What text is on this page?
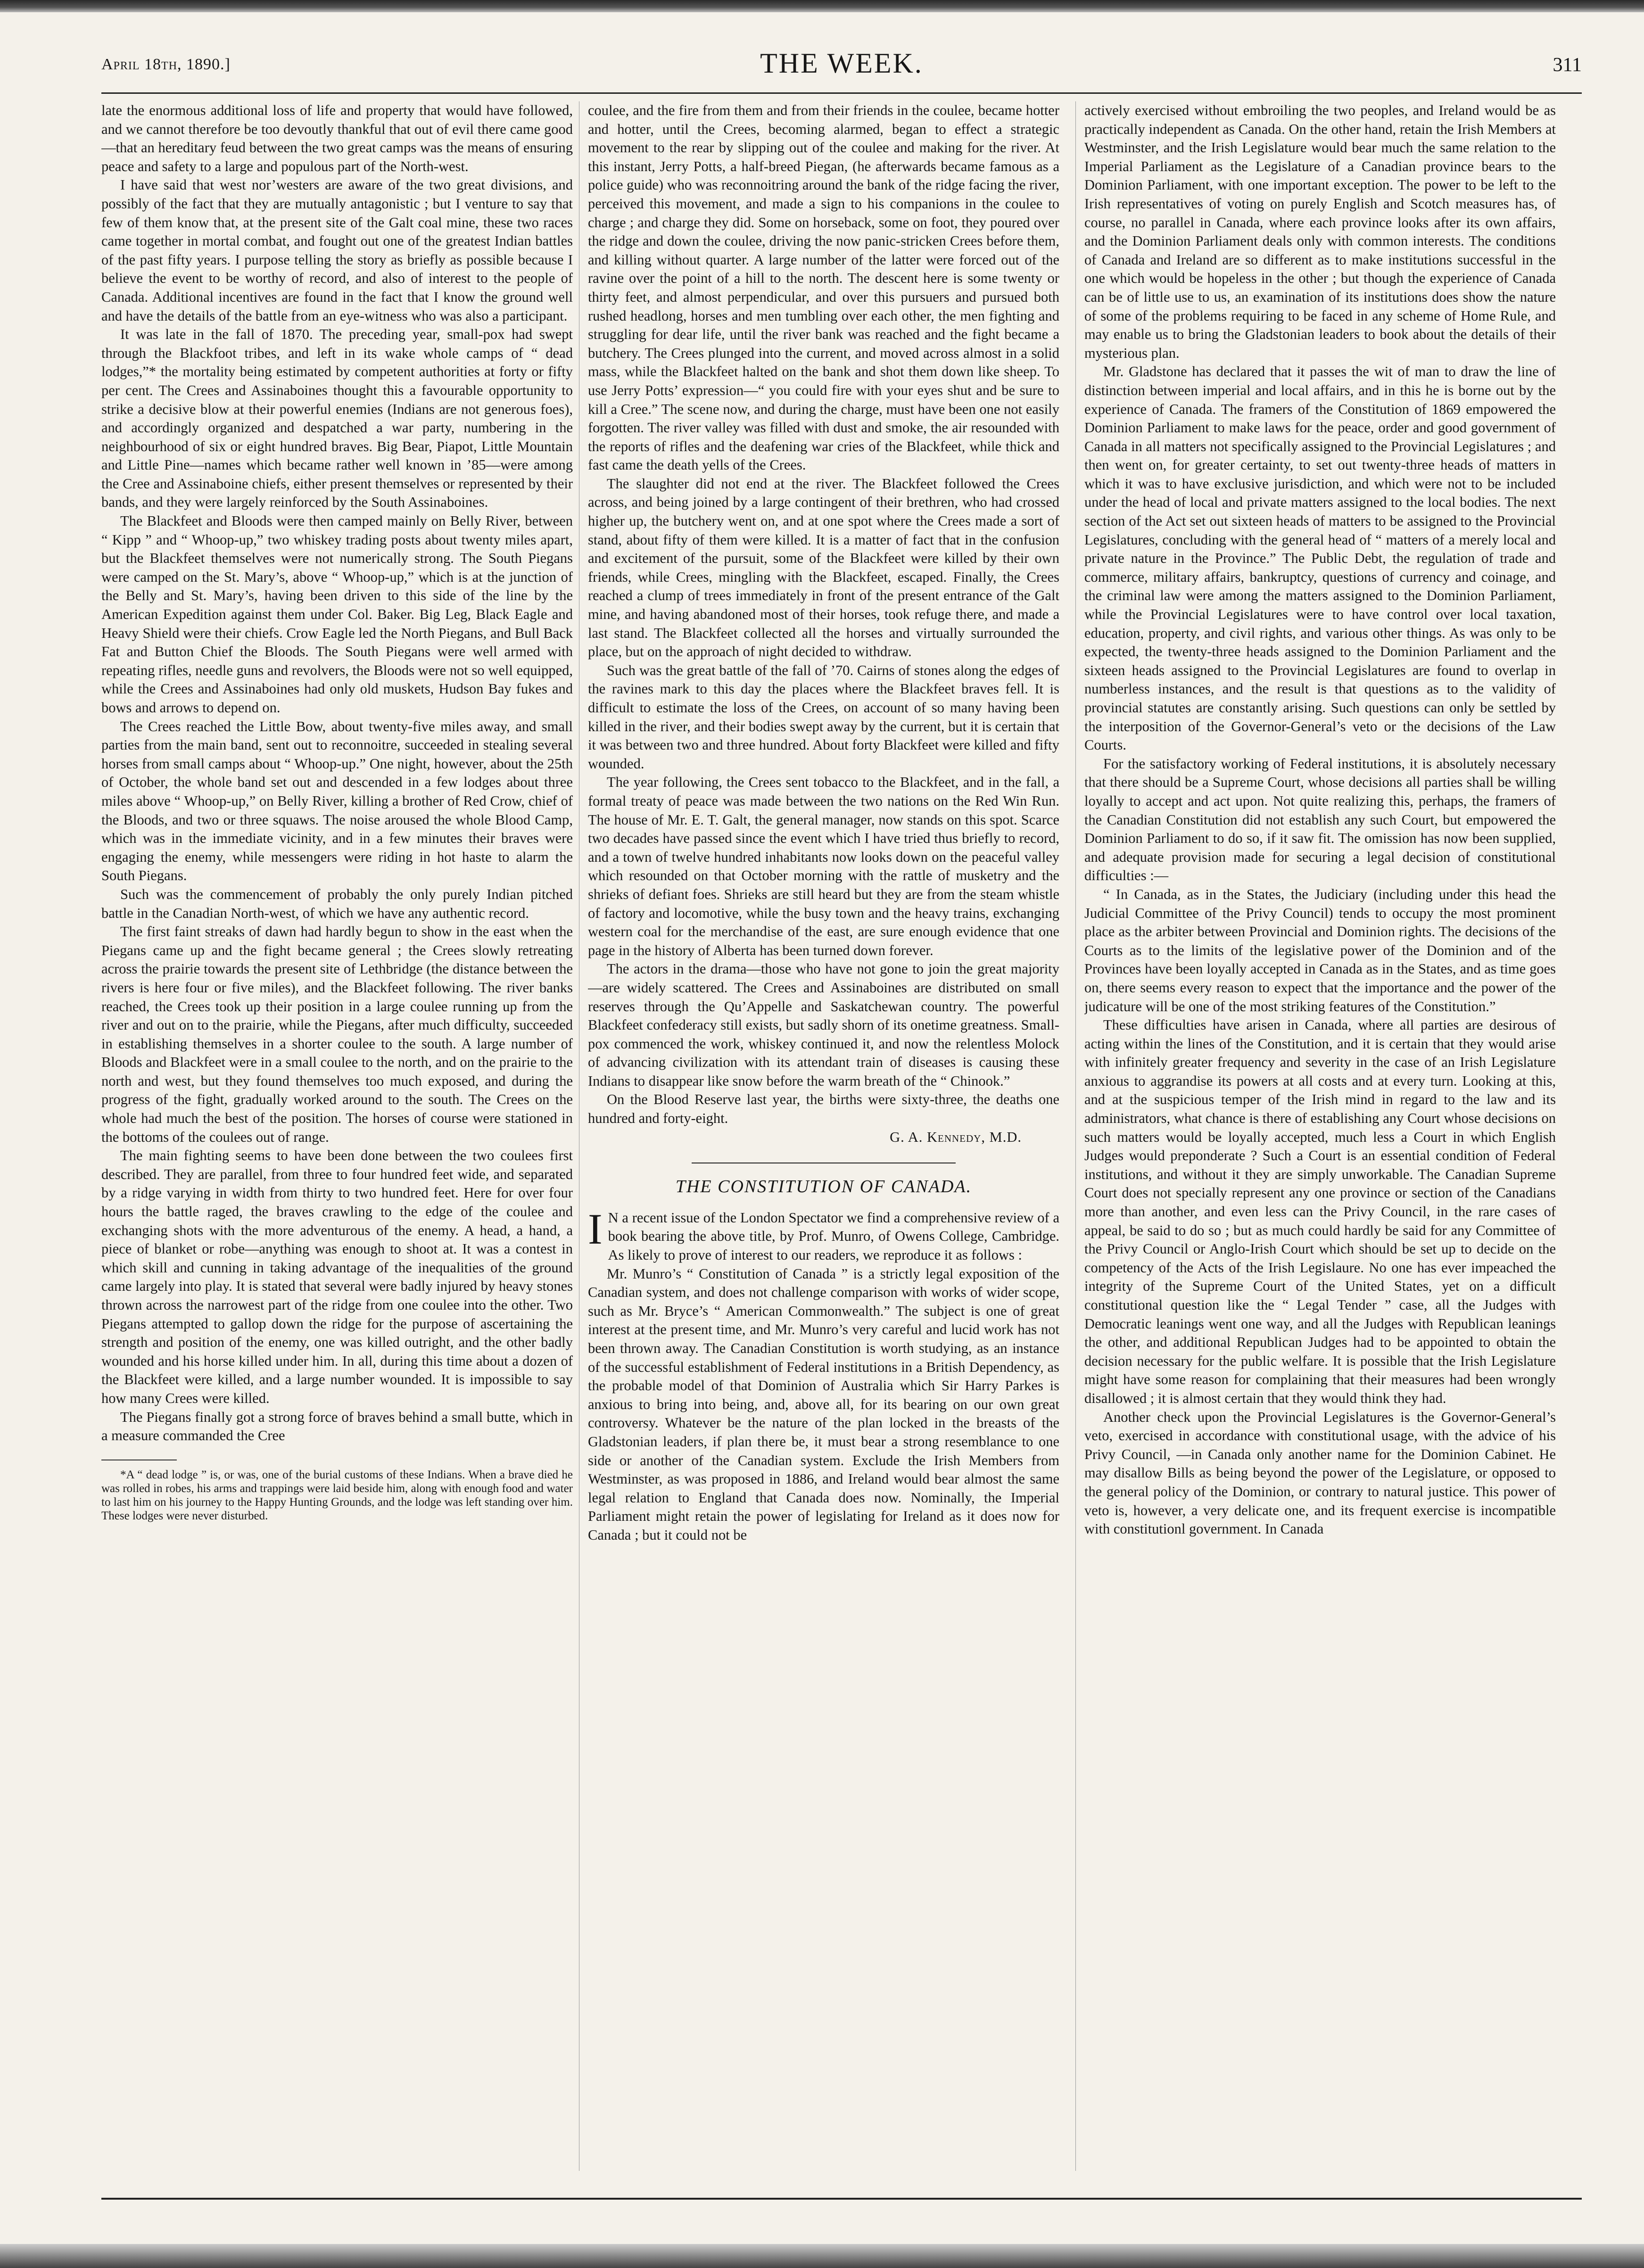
THE WEEK.
April 18th, 1890.]	311

late the enormous additional loss of life and property that would have followed, and we cannot therefore be too devoutly thankful that out of evil there came good—that an hereditary feud between the two great camps was the means of ensuring peace and safety to a large and populous part of the North-west.

I have said that west nor’westers are aware of the two great divisions, and possibly of the fact that they are mutually antagonistic ; but I venture to say that few of them know that, at the present site of the Galt coal mine, these two races came together in mortal combat, and fought out one of the greatest Indian battles of the past fifty years. I purpose telling the story as briefly as possible because I believe the event to be worthy of record, and also of interest to the people of Canada. Additional incentives are found in the fact that I know the ground well and have the details of the battle from an eye-witness who was also a participant.

It was late in the fall of 1870. The preceding year, small-pox had swept through the Blackfoot tribes, and left in its wake whole camps of “ dead lodges,”* the mortality being estimated by competent authorities at forty or fifty per cent. The Crees and Assinaboines thought this a favourable opportunity to strike a decisive blow at their powerful enemies (Indians are not generous foes), and accordingly organized and despatched a war party, numbering in the neighbourhood of six or eight hundred braves. Big Bear, Piapot, Little Mountain and Little Pine—names which became rather well known in ’85—were among the Cree and Assinaboine chiefs, either present themselves or represented by their bands, and they were largely reinforced by the South Assinaboines.

The Blackfeet and Bloods were then camped mainly on Belly River, between “ Kipp ” and “ Whoop-up,” two whiskey trading posts about twenty miles apart, but the Blackfeet themselves were not numerically strong. The South Piegans were camped on the St. Mary’s, above “ Whoop-up,” which is at the junction of the Belly and St. Mary’s, having been driven to this side of the line by the American Expedition against them under Col. Baker. Big Leg, Black Eagle and Heavy Shield were their chiefs. Crow Eagle led the North Piegans, and Bull Back Fat and Button Chief the Bloods. The South Piegans were well armed with repeating rifles, needle guns and revolvers, the Bloods were not so well equipped, while the Crees and Assinaboines had only old muskets, Hudson Bay fukes and bows and arrows to depend on.

The Crees reached the Little Bow, about twenty-five miles away, and small parties from the main band, sent out to reconnoitre, succeeded in stealing several horses from small camps about “ Whoop-up.” One night, however, about the 25th of October, the whole band set out and descended in a few lodges about three miles above “ Whoop-up,” on Belly River, killing a brother of Red Crow, chief of the Bloods, and two or three squaws. The noise aroused the whole Blood Camp, which was in the immediate vicinity, and in a few minutes their braves were engaging the enemy, while messengers were riding in hot haste to alarm the South Piegans.

Such was the commencement of probably the only purely Indian pitched battle in the Canadian North-west, of which we have any authentic record.

The first faint streaks of dawn had hardly begun to show in the east when the Piegans came up and the fight became general ; the Crees slowly retreating across the prairie towards the present site of Lethbridge (the distance between the rivers is here four or five miles), and the Blackfeet following. The river banks reached, the Crees took up their position in a large coulee running up from the river and out on to the prairie, while the Piegans, after much difficulty, succeeded in establishing themselves in a shorter coulee to the south. A large number of Bloods and Blackfeet were in a small coulee to the north, and on the prairie to the north and west, but they found themselves too much exposed, and during the progress of the fight, gradually worked around to the south. The Crees on the whole had much the best of the position. The horses of course were stationed in the bottoms of the coulees out of range.

The main fighting seems to have been done between the two coulees first described. They are parallel, from three to four hundred feet wide, and separated by a ridge varying in width from thirty to two hundred feet. Here for over four hours the battle raged, the braves crawling to the edge of the coulee and exchanging shots with the more adventurous of the enemy. A head, a hand, a piece of blanket or robe—anything was enough to shoot at. It was a contest in which skill and cunning in taking advantage of the inequalities of the ground came largely into play. It is stated that several were badly injured by heavy stones thrown across the narrowest part of the ridge from one coulee into the other. Two Piegans attempted to gallop down the ridge for the purpose of ascertaining the strength and position of the enemy, one was killed outright, and the other badly wounded and his horse killed under him. In all, during this time about a dozen of the Blackfeet were killed, and a large number wounded. It is impossible to say how many Crees were killed.

The Piegans finally got a strong force of braves behind a small butte, which in a measure commanded the Cree

*A “ dead lodge ” is, or was, one of the burial customs of these Indians. When a brave died he was rolled in robes, his arms and trappings were laid beside him, along with enough food and water to last him on his journey to the Happy Hunting Grounds, and the lodge was left standing over him. These lodges were never disturbed.

coulee, and the fire from them and from their friends in the coulee, became hotter and hotter, until the Crees, becoming alarmed, began to effect a strategic movement to the rear by slipping out of the coulee and making for the river. At this instant, Jerry Potts, a half-breed Piegan, (he afterwards became famous as a police guide) who was reconnoitring around the bank of the ridge facing the river, perceived this movement, and made a sign to his companions in the coulee to charge ; and charge they did. Some on horseback, some on foot, they poured over the ridge and down the coulee, driving the now panic-stricken Crees before them, and killing without quarter. A large number of the latter were forced out of the ravine over the point of a hill to the north. The descent here is some twenty or thirty feet, and almost perpendicular, and over this pursuers and pursued both rushed headlong, horses and men tumbling over each other, the men fighting and struggling for dear life, until the river bank was reached and the fight became a butchery. The Crees plunged into the current, and moved across almost in a solid mass, while the Blackfeet halted on the bank and shot them down like sheep. To use Jerry Potts’ expression—“ you could fire with your eyes shut and be sure to kill a Cree.” The scene now, and during the charge, must have been one not easily forgotten. The river valley was filled with dust and smoke, the air resounded with the reports of rifles and the deafening war cries of the Blackfeet, while thick and fast came the death yells of the Crees.

The slaughter did not end at the river. The Blackfeet followed the Crees across, and being joined by a large contingent of their brethren, who had crossed higher up, the butchery went on, and at one spot where the Crees made a sort of stand, about fifty of them were killed. It is a matter of fact that in the confusion and excitement of the pursuit, some of the Blackfeet were killed by their own friends, while Crees, mingling with the Blackfeet, escaped. Finally, the Crees reached a clump of trees immediately in front of the present entrance of the Galt mine, and having abandoned most of their horses, took refuge there, and made a last stand. The Blackfeet collected all the horses and virtually surrounded the place, but on the approach of night decided to withdraw.

Such was the great battle of the fall of ’70. Cairns of stones along the edges of the ravines mark to this day the places where the Blackfeet braves fell. It is difficult to estimate the loss of the Crees, on account of so many having been killed in the river, and their bodies swept away by the current, but it is certain that it was between two and three hundred. About forty Blackfeet were killed and fifty wounded.

The year following, the Crees sent tobacco to the Blackfeet, and in the fall, a formal treaty of peace was made between the two nations on the Red Win Run. The house of Mr. E. T. Galt, the general manager, now stands on this spot. Scarce two decades have passed since the event which I have tried thus briefly to record, and a town of twelve hundred inhabitants now looks down on the peaceful valley which resounded on that October morning with the rattle of musketry and the shrieks of defiant foes. Shrieks are still heard but they are from the steam whistle of factory and locomotive, while the busy town and the heavy trains, exchanging western coal for the merchandise of the east, are sure enough evidence that one page in the history of Alberta has been turned down forever.

The actors in the drama—those who have not gone to join the great majority—are widely scattered. The Crees and Assinaboines are distributed on small reserves through the Qu’Appelle and Saskatchewan country. The powerful Blackfeet confederacy still exists, but sadly shorn of its onetime greatness. Small-pox commenced the work, whiskey continued it, and now the relentless Molock of advancing civilization with its attendant train of diseases is causing these Indians to disappear like snow before the warm breath of the “ Chinook.”

On the Blood Reserve last year, the births were sixty-three, the deaths one hundred and forty-eight.

G. A. Kennedy, M.D.

THE CONSTITUTION OF CANADA.

I N a recent issue of the London Spectator we find a comprehensive review of a book bearing the above title, by Prof. Munro, of Owens College, Cambridge. As likely to prove of interest to our readers, we reproduce it as follows :

Mr. Munro’s “ Constitution of Canada ” is a strictly legal exposition of the Canadian system, and does not challenge comparison with works of wider scope, such as Mr. Bryce’s “ American Commonwealth.” The subject is one of great interest at the present time, and Mr. Munro’s very careful and lucid work has not been thrown away. The Canadian Constitution is worth studying, as an instance of the successful establishment of Federal institutions in a British Dependency, as the probable model of that Dominion of Australia which Sir Harry Parkes is anxious to bring into being, and, above all, for its bearing on our own great controversy. Whatever be the nature of the plan locked in the breasts of the Gladstonian leaders, if plan there be, it must bear a strong resemblance to one side or another of the Canadian system. Exclude the Irish Members from Westminster, as was proposed in 1886, and Ireland would bear almost the same legal relation to England that Canada does now. Nominally, the Imperial Parliament might retain the power of legislating for Ireland as it does now for Canada ; but it could not be

actively exercised without embroiling the two peoples, and Ireland would be as practically independent as Canada. On the other hand, retain the Irish Members at Westminster, and the Irish Legislature would bear much the same relation to the Imperial Parliament as the Legislature of a Canadian province bears to the Dominion Parliament, with one important exception. The power to be left to the Irish representatives of voting on purely English and Scotch measures has, of course, no parallel in Canada, where each province looks after its own affairs, and the Dominion Parliament deals only with common interests. The conditions of Canada and Ireland are so different as to make institutions successful in the one which would be hopeless in the other ; but though the experience of Canada can be of little use to us, an examination of its institutions does show the nature of some of the problems requiring to be faced in any scheme of Home Rule, and may enable us to bring the Gladstonian leaders to book about the details of their mysterious plan.

Mr. Gladstone has declared that it passes the wit of man to draw the line of distinction between imperial and local affairs, and in this he is borne out by the experience of Canada. The framers of the Constitution of 1869 empowered the Dominion Parliament to make laws for the peace, order and good government of Canada in all matters not specifically assigned to the Provincial Legislatures ; and then went on, for greater certainty, to set out twenty-three heads of matters in which it was to have exclusive jurisdiction, and which were not to be included under the head of local and private matters assigned to the local bodies. The next section of the Act set out sixteen heads of matters to be assigned to the Provincial Legislatures, concluding with the general head of “ matters of a merely local and private nature in the Province.” The Public Debt, the regulation of trade and commerce, military affairs, bankruptcy, questions of currency and coinage, and the criminal law were among the matters assigned to the Dominion Parliament, while the Provincial Legislatures were to have control over local taxation, education, property, and civil rights, and various other things. As was only to be expected, the twenty-three heads assigned to the Dominion Parliament and the sixteen heads assigned to the Provincial Legislatures are found to overlap in numberless instances, and the result is that questions as to the validity of provincial statutes are constantly arising. Such questions can only be settled by the interposition of the Governor-General’s veto or the decisions of the Law Courts.

For the satisfactory working of Federal institutions, it is absolutely necessary that there should be a Supreme Court, whose decisions all parties shall be willing loyally to accept and act upon. Not quite realizing this, perhaps, the framers of the Canadian Constitution did not establish any such Court, but empowered the Dominion Parliament to do so, if it saw fit. The omission has now been supplied, and adequate provision made for securing a legal decision of constitutional difficulties :—

“ In Canada, as in the States, the Judiciary (including under this head the Judicial Committee of the Privy Council) tends to occupy the most prominent place as the arbiter between Provincial and Dominion rights. The decisions of the Courts as to the limits of the legislative power of the Dominion and of the Provinces have been loyally accepted in Canada as in the States, and as time goes on, there seems every reason to expect that the importance and the power of the judicature will be one of the most striking features of the Constitution.”

These difficulties have arisen in Canada, where all parties are desirous of acting within the lines of the Constitution, and it is certain that they would arise with infinitely greater frequency and severity in the case of an Irish Legislature anxious to aggrandise its powers at all costs and at every turn. Looking at this, and at the suspicious temper of the Irish mind in regard to the law and its administrators, what chance is there of establishing any Court whose decisions on such matters would be loyally accepted, much less a Court in which English Judges would preponderate ? Such a Court is an essential condition of Federal institutions, and without it they are simply unworkable. The Canadian Supreme Court does not specially represent any one province or section of the Canadians more than another, and even less can the Privy Council, in the rare cases of appeal, be said to do so ; but as much could hardly be said for any Committee of the Privy Council or Anglo-Irish Court which should be set up to decide on the competency of the Acts of the Irish Legislaure. No one has ever impeached the integrity of the Supreme Court of the United States, yet on a difficult constitutional question like the “ Legal Tender ” case, all the Judges with Democratic leanings went one way, and all the Judges with Republican leanings the other, and additional Republican Judges had to be appointed to obtain the decision necessary for the public welfare. It is possible that the Irish Legislature might have some reason for complaining that their measures had been wrongly disallowed ; it is almost certain that they would think they had.

Another check upon the Provincial Legislatures is the Governor-General’s veto, exercised in accordance with constitutional usage, with the advice of his Privy Council, —in Canada only another name for the Dominion Cabinet. He may disallow Bills as being beyond the power of the Legislature, or opposed to the general policy of the Dominion, or contrary to natural justice. This power of veto is, however, a very delicate one, and its frequent exercise is incompatible with constitutionl government. In Canada
